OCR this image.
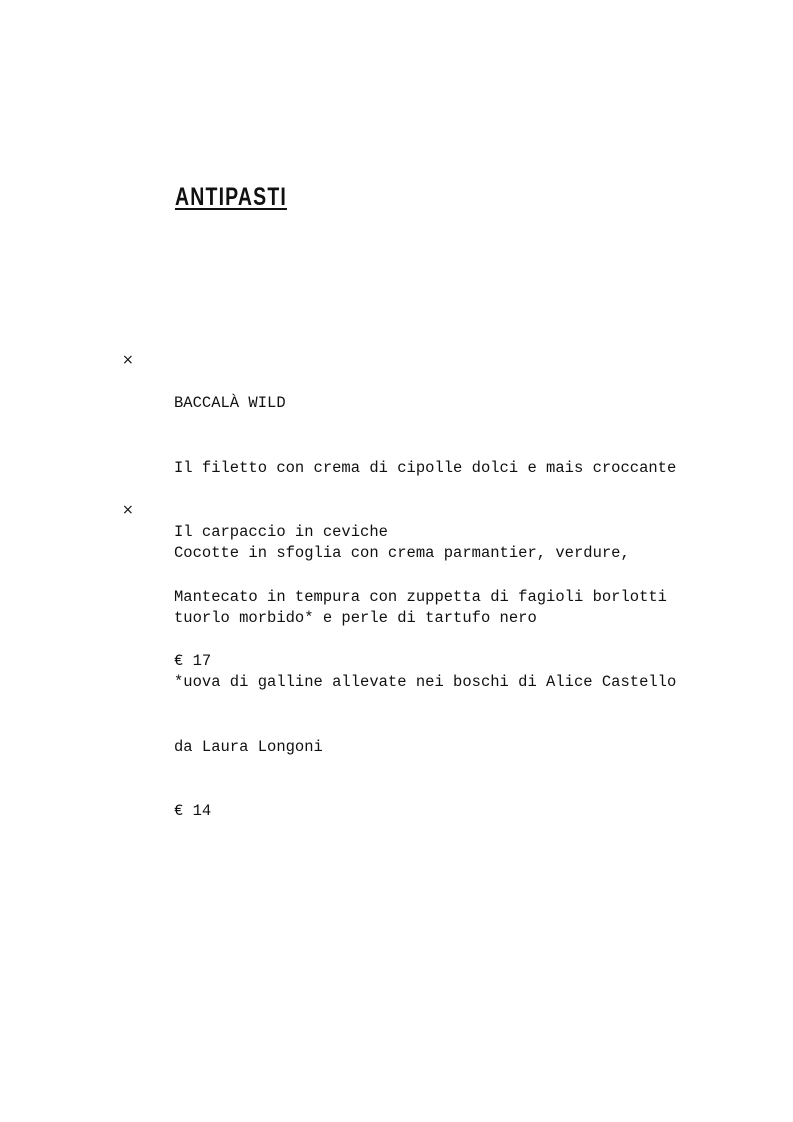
ANTIPASTI
×

BACCALÀ WILD

Il filetto con crema di cipolle dolci e mais croccante

Il carpaccio in ceviche

Mantecato in tempura con zuppetta di fagioli borlotti

€ 17

×

Cocotte in sfoglia con crema parmantier, verdure,

tuorlo morbido* e perle di tartufo nero

*uova di galline allevate nei boschi di Alice Castello

da Laura Longoni

€ 14
